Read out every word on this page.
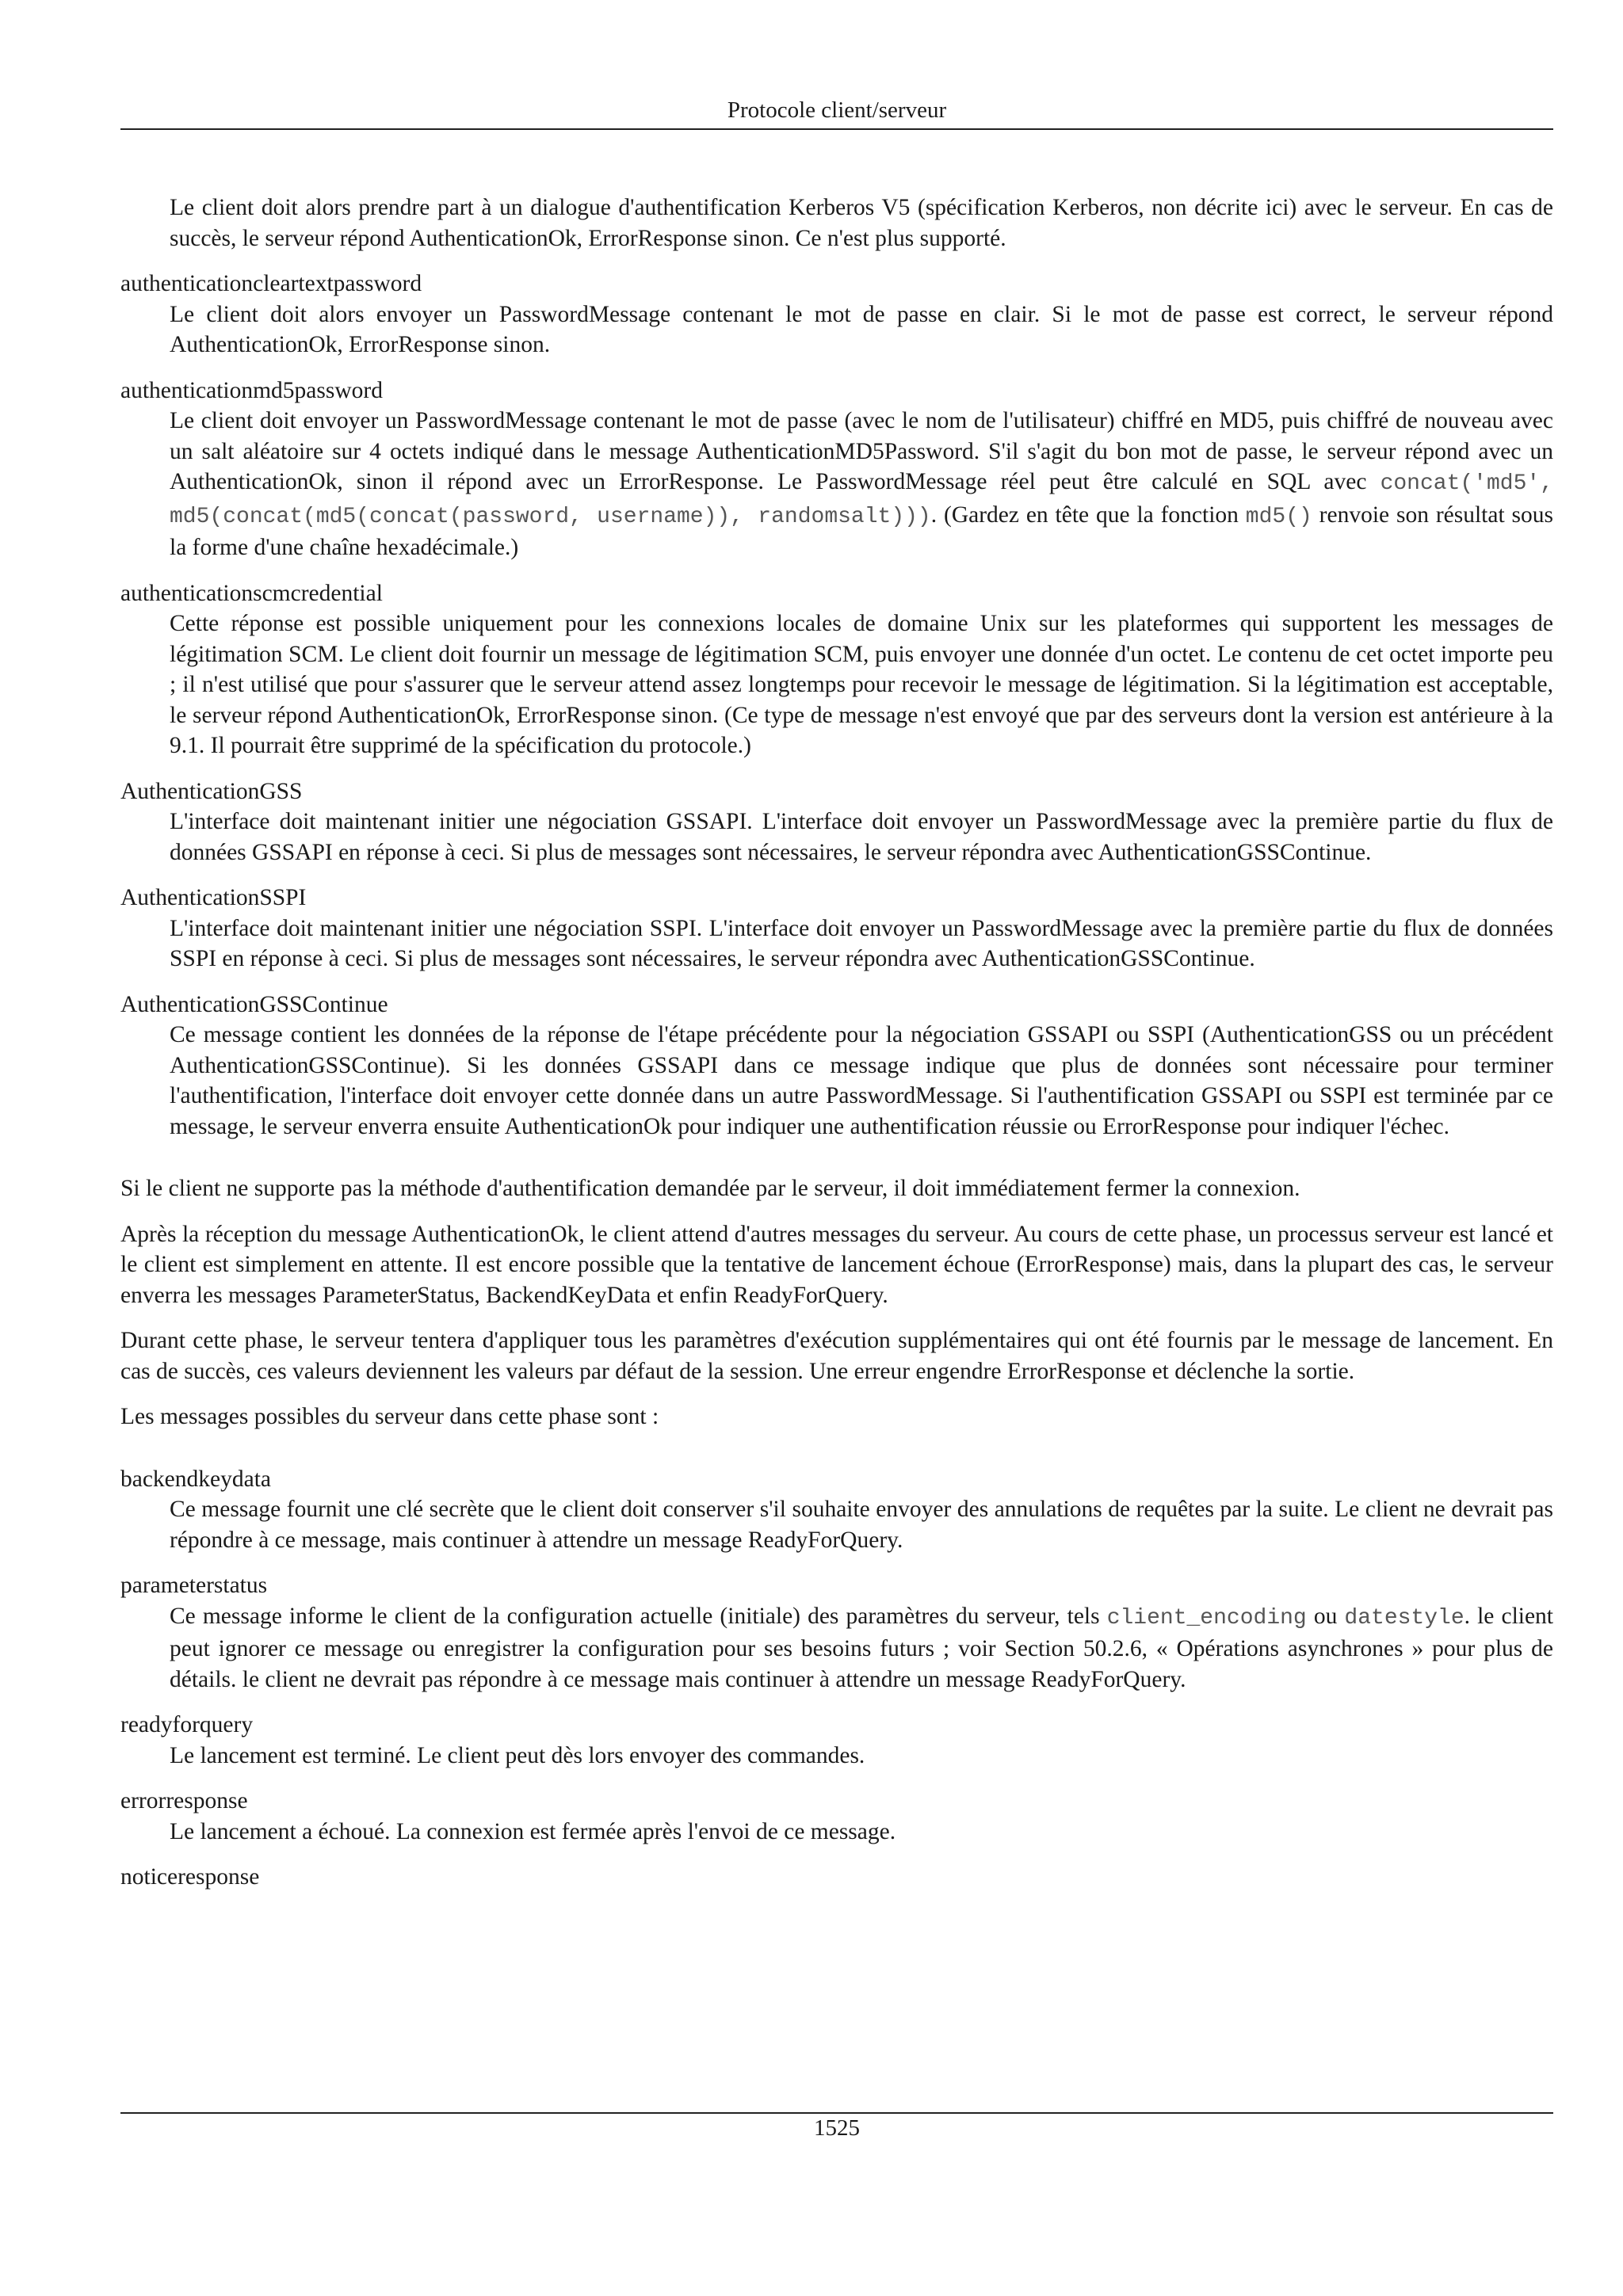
Protocole client/serveur

Le client doit alors prendre part à un dialogue d'authentification Kerberos V5 (spécification Kerberos, non décrite ici) avec le serveur. En cas de succès, le serveur répond AuthenticationOk, ErrorResponse sinon. Ce n'est plus supporté.

authenticationcleartextpassword

Le client doit alors envoyer un PasswordMessage contenant le mot de passe en clair. Si le mot de passe est correct, le serveur répond AuthenticationOk, ErrorResponse sinon.

authenticationmd5password

Le client doit envoyer un PasswordMessage contenant le mot de passe (avec le nom de l'utilisateur) chiffré en MD5, puis chiffré de nouveau avec un salt aléatoire sur 4 octets indiqué dans le message AuthenticationMD5Password. S'il s'agit du bon mot de passe, le serveur répond avec un AuthenticationOk, sinon il répond avec un ErrorResponse. Le PasswordMessage réel peut être calculé en SQL avec concat('md5', md5(concat(md5(concat(password, username)), randomsalt))). (Gardez en tête que la fonction md5() renvoie son résultat sous la forme d'une chaîne hexadécimale.)

authenticationscmcredential

Cette réponse est possible uniquement pour les connexions locales de domaine Unix sur les plateformes qui supportent les messages de légitimation SCM. Le client doit fournir un message de légitimation SCM, puis envoyer une donnée d'un octet. Le contenu de cet octet importe peu ; il n'est utilisé que pour s'assurer que le serveur attend assez longtemps pour recevoir le message de légitimation. Si la légitimation est acceptable, le serveur répond AuthenticationOk, ErrorResponse sinon. (Ce type de message n'est envoyé que par des serveurs dont la version est antérieure à la 9.1. Il pourrait être supprimé de la spécification du protocole.)

AuthenticationGSS

L'interface doit maintenant initier une négociation GSSAPI. L'interface doit envoyer un PasswordMessage avec la première partie du flux de données GSSAPI en réponse à ceci. Si plus de messages sont nécessaires, le serveur répondra avec AuthenticationGSSContinue.

AuthenticationSSPI

L'interface doit maintenant initier une négociation SSPI. L'interface doit envoyer un PasswordMessage avec la première partie du flux de données SSPI en réponse à ceci. Si plus de messages sont nécessaires, le serveur répondra avec AuthenticationGSSContinue.

AuthenticationGSSContinue

Ce message contient les données de la réponse de l'étape précédente pour la négociation GSSAPI ou SSPI (AuthenticationGSS ou un précédent AuthenticationGSSContinue). Si les données GSSAPI dans ce message indique que plus de données sont nécessaire pour terminer l'authentification, l'interface doit envoyer cette donnée dans un autre PasswordMessage. Si l'authentification GSSAPI ou SSPI est terminée par ce message, le serveur enverra ensuite AuthenticationOk pour indiquer une authentification réussie ou ErrorResponse pour indiquer l'échec.

Si le client ne supporte pas la méthode d'authentification demandée par le serveur, il doit immédiatement fermer la connexion.

Après la réception du message AuthenticationOk, le client attend d'autres messages du serveur. Au cours de cette phase, un processus serveur est lancé et le client est simplement en attente. Il est encore possible que la tentative de lancement échoue (ErrorResponse) mais, dans la plupart des cas, le serveur enverra les messages ParameterStatus, BackendKeyData et enfin ReadyForQuery.

Durant cette phase, le serveur tentera d'appliquer tous les paramètres d'exécution supplémentaires qui ont été fournis par le message de lancement. En cas de succès, ces valeurs deviennent les valeurs par défaut de la session. Une erreur engendre ErrorResponse et déclenche la sortie.

Les messages possibles du serveur dans cette phase sont :

backendkeydata

Ce message fournit une clé secrète que le client doit conserver s'il souhaite envoyer des annulations de requêtes par la suite. Le client ne devrait pas répondre à ce message, mais continuer à attendre un message ReadyForQuery.

parameterstatus

Ce message informe le client de la configuration actuelle (initiale) des paramètres du serveur, tels client_encoding ou datestyle. le client peut ignorer ce message ou enregistrer la configuration pour ses besoins futurs ; voir Section 50.2.6, « Opérations asynchrones » pour plus de détails. le client ne devrait pas répondre à ce message mais continuer à attendre un message ReadyForQuery.

readyforquery

Le lancement est terminé. Le client peut dès lors envoyer des commandes.

errorresponse

Le lancement a échoué. La connexion est fermée après l'envoi de ce message.

noticeresponse

1525
